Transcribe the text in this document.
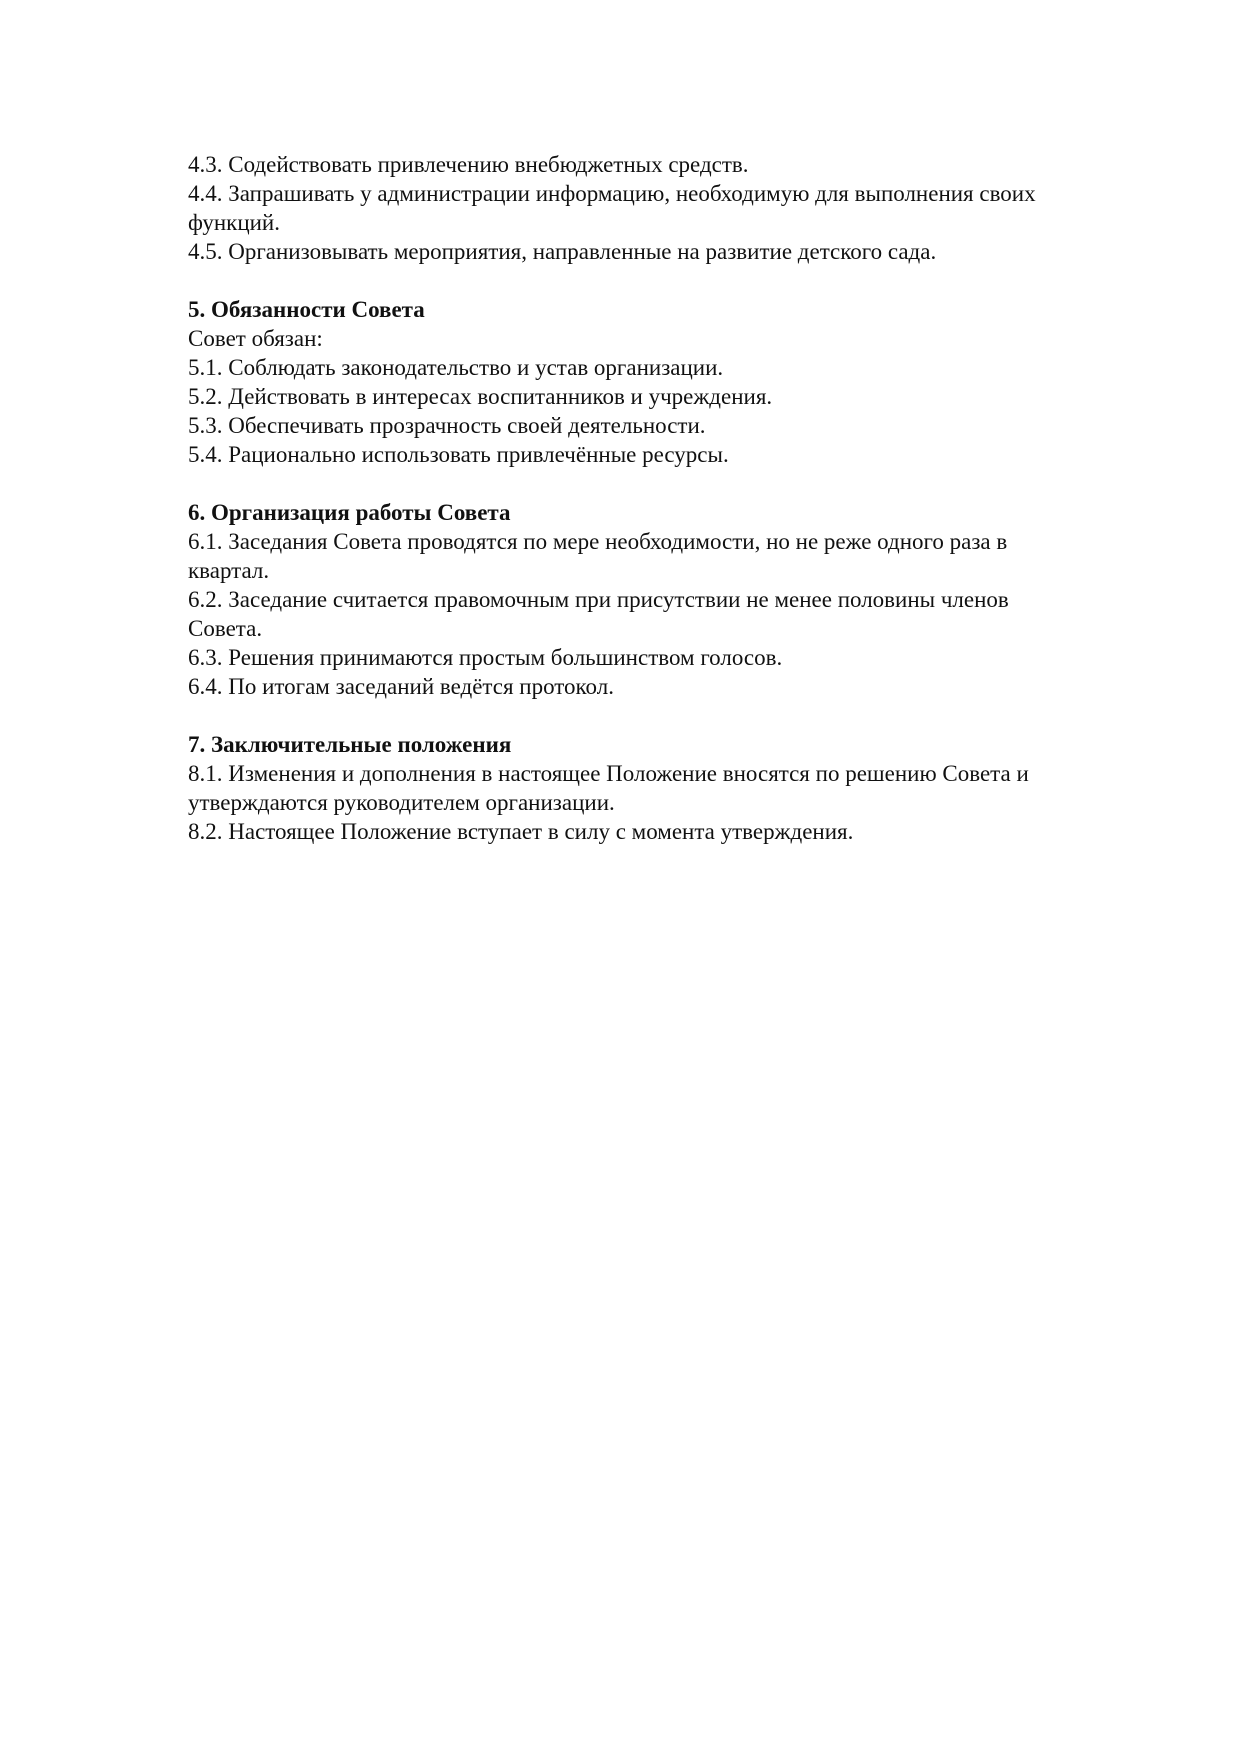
4.3. Содействовать привлечению внебюджетных средств.

4.4. Запрашивать у администрации информацию, необходимую для выполнения своих функций.

4.5. Организовывать мероприятия, направленные на развитие детского сада.

5. Обязанности Совета

Совет обязан:

5.1. Соблюдать законодательство и устав организации.

5.2. Действовать в интересах воспитанников и учреждения.

5.3. Обеспечивать прозрачность своей деятельности.

5.4. Рационально использовать привлечённые ресурсы.

6. Организация работы Совета

6.1. Заседания Совета проводятся по мере необходимости, но не реже одного раза в квартал.

6.2. Заседание считается правомочным при присутствии не менее половины членов Совета.

6.3. Решения принимаются простым большинством голосов.

6.4. По итогам заседаний ведётся протокол.

7. Заключительные положения

8.1. Изменения и дополнения в настоящее Положение вносятся по решению Совета и утверждаются руководителем организации.

8.2. Настоящее Положение вступает в силу с момента утверждения.
